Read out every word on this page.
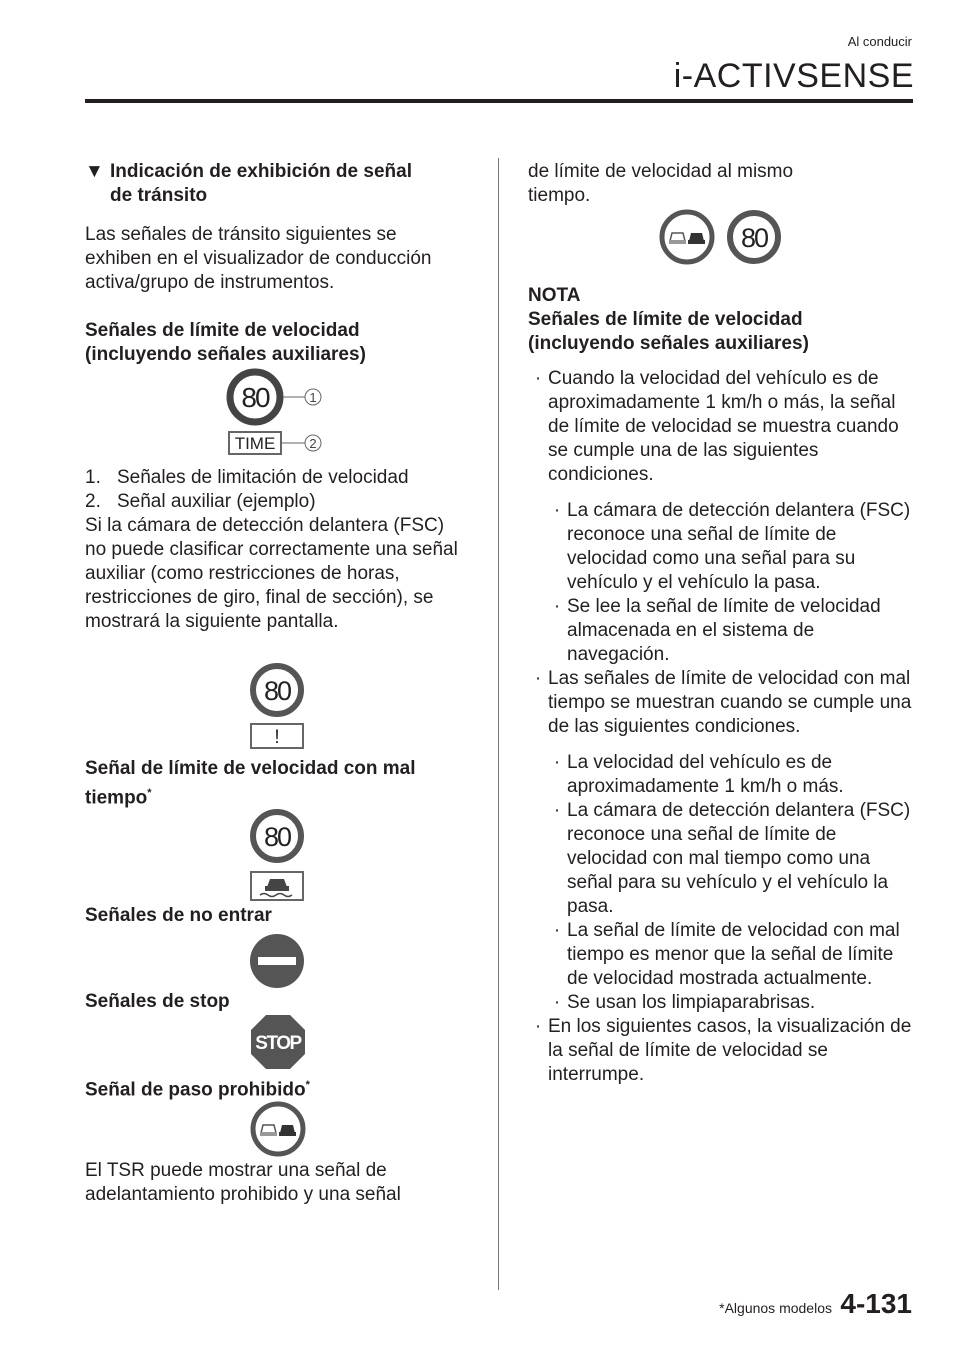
Al conducir
i-ACTIVSENSE
▼ Indicación de exhibición de señal
de tránsito

Las señales de tránsito siguientes se exhiben en el visualizador de conducción activa/grupo de instrumentos.

Señales de límite de velocidad (incluyendo señales auxiliares)

80	1
TIME	2
1. Señales de limitación de velocidad
2. Señal auxiliar (ejemplo)

Si la cámara de detección delantera (FSC) no puede clasificar correctamente una señal auxiliar (como restricciones de horas, restricciones de giro, final de sección), se mostrará la siguiente pantalla.

80
!

Señal de límite de velocidad con mal tiempo*

80

Señales de no entrar

Señales de stop

STOP

Señal de paso prohibido*

El TSR puede mostrar una señal de adelantamiento prohibido y una señal

de límite de velocidad al mismo tiempo.

80

NOTA

Señales de límite de velocidad (incluyendo señales auxiliares)

· Cuando la velocidad del vehículo es de aproximadamente 1 km/h o más, la señal de límite de velocidad se muestra cuando se cumple una de las siguientes condiciones.
· La cámara de detección delantera (FSC) reconoce una señal de límite de velocidad como una señal para su vehículo y el vehículo la pasa.
· Se lee la señal de límite de velocidad almacenada en el sistema de navegación.
· Las señales de límite de velocidad con mal tiempo se muestran cuando se cumple una de las siguientes condiciones.
· La velocidad del vehículo es de aproximadamente 1 km/h o más.
· La cámara de detección delantera (FSC) reconoce una señal de límite de velocidad con mal tiempo como una señal para su vehículo y el vehículo la pasa.
· La señal de límite de velocidad con mal tiempo es menor que la señal de límite de velocidad mostrada actualmente.
· Se usan los limpiaparabrisas.
· En los siguientes casos, la visualización de la señal de límite de velocidad se interrumpe.
*Algunos modelos 4-131
